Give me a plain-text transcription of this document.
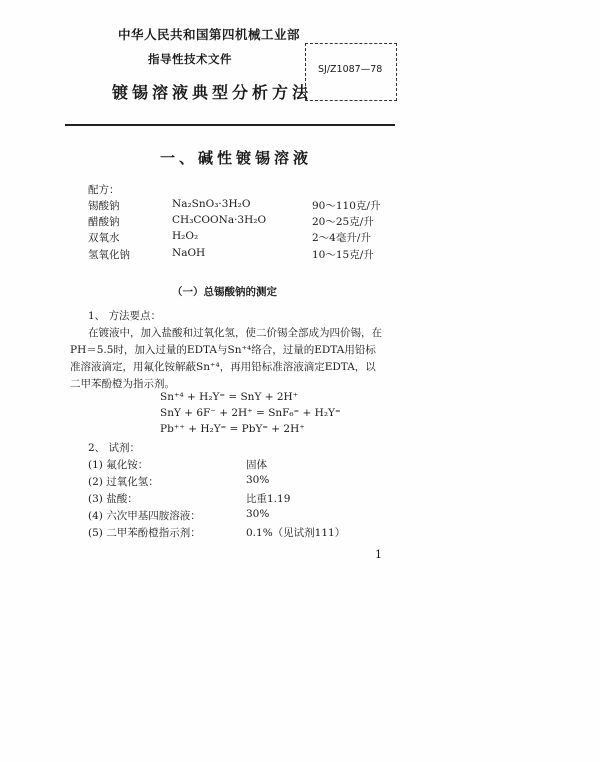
中华人民共和国第四机械工业部
指导性技术文件
镀锡溶液典型分析方法
SJ/Z1087—78
一、碱性镀锡溶液
配方：
锡酸钠	Na₂SnO₃·3H₂O	90～110克/升
醋酸钠	CH₃COONa·3H₂O	20～25克/升
双氧水	H₂O₂	2～4毫升/升
氢氧化钠	NaOH	10～15克/升
（一）总锡酸钠的测定
1、 方法要点：
在镀液中，加入盐酸和过氧化氢，使二价锡全部成为四价锡，在
PH＝5.5时，加入过量的EDTA与Sn⁺⁴络合，过量的EDTA用铅标
准溶液滴定，用氟化铵解蔽Sn⁺⁴，再用铅标准溶液滴定EDTA，以
二甲苯酚橙为指示剂。
Sn⁺⁴ + H₂Y⁼ = SnY + 2H⁺
SnY + 6F⁻ + 2H⁺ = SnF₆⁼ + H₂Y⁼
Pb⁺⁺ + H₂Y⁼ = PbY⁼ + 2H⁺
2、 试剂：
(1) 氟化铵：	固体
(2) 过氧化氢：	30%
(3) 盐酸：	比重1.19
(4) 六次甲基四胺溶液：	30%
(5) 二甲苯酚橙指示剂：	0.1%（见试剂111）
1
